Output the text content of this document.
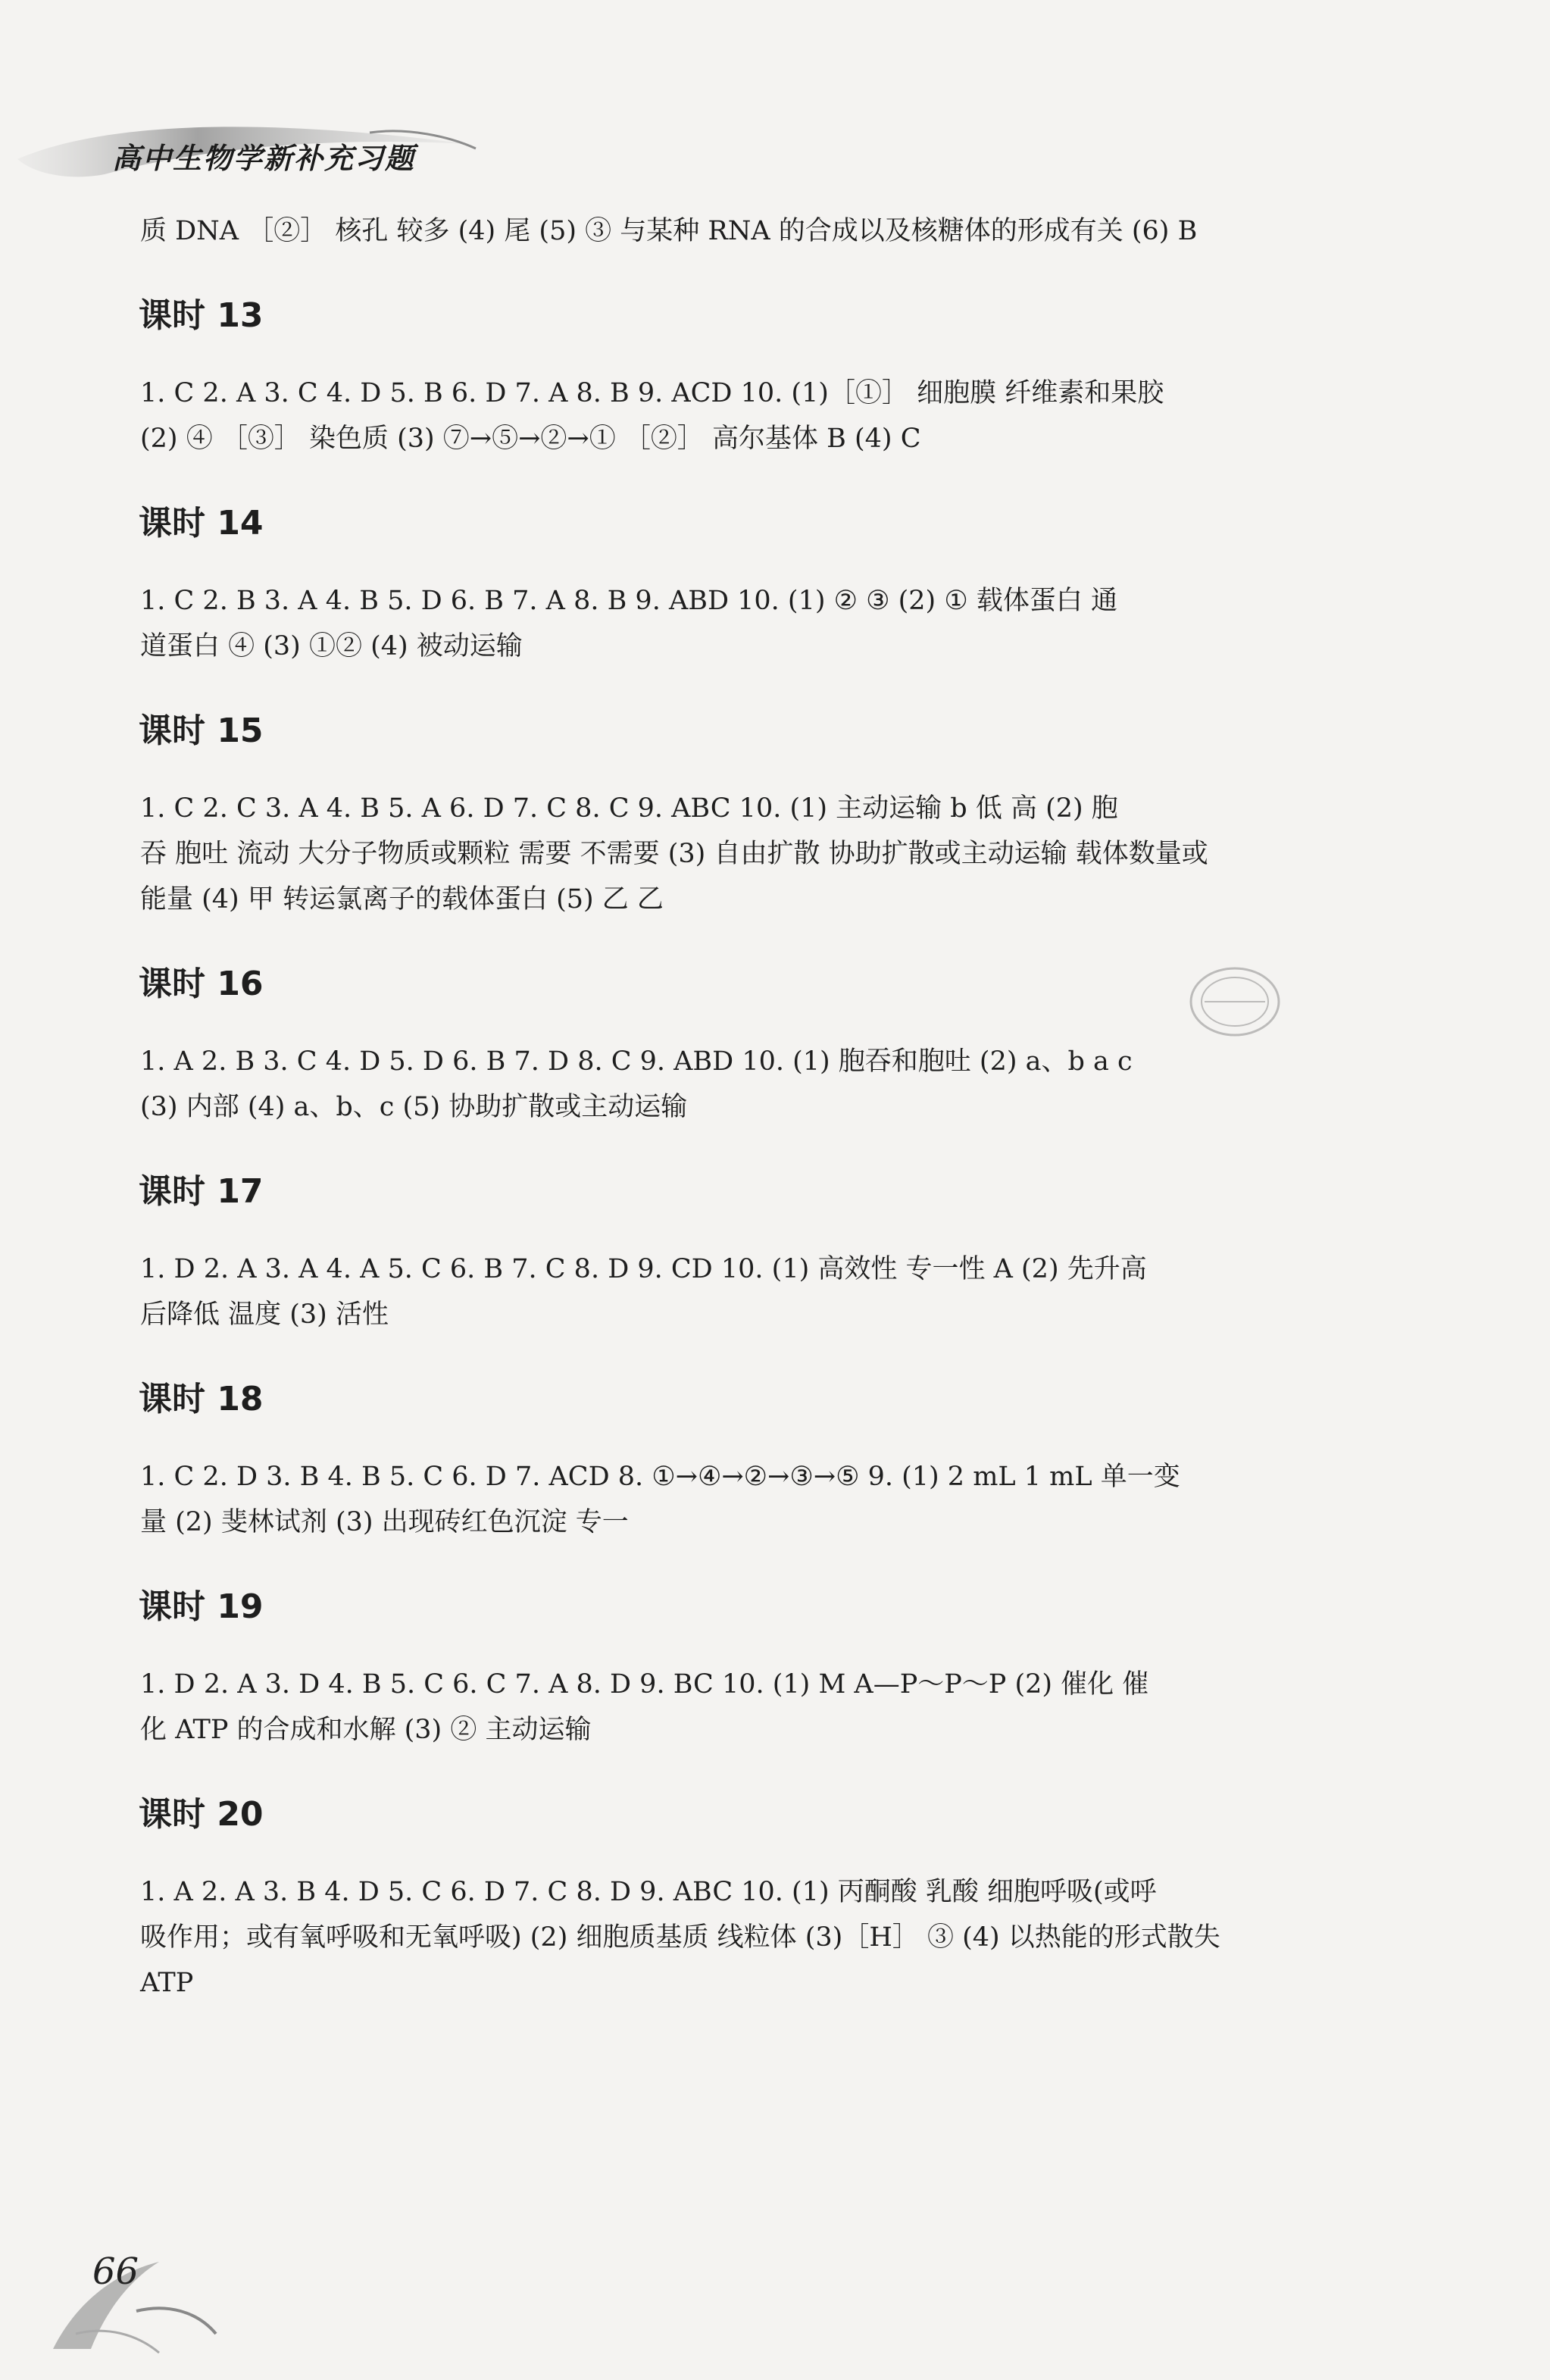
高中生物学新补充习题
质 DNA ［②］ 核孔 较多 (4) 尾 (5) ③ 与某种 RNA 的合成以及核糖体的形成有关 (6) B
课时 13
1. C 2. A 3. C 4. D 5. B 6. D 7. A 8. B 9. ACD 10. (1)［①］ 细胞膜 纤维素和果胶
(2) ④ ［③］ 染色质 (3) ⑦→⑤→②→① ［②］ 高尔基体 B (4) C
课时 14
1. C 2. B 3. A 4. B 5. D 6. B 7. A 8. B 9. ABD 10. (1) ② ③ (2) ① 载体蛋白 通
道蛋白 ④ (3) ①② (4) 被动运输
课时 15
1. C 2. C 3. A 4. B 5. A 6. D 7. C 8. C 9. ABC 10. (1) 主动运输 b 低 高 (2) 胞
吞 胞吐 流动 大分子物质或颗粒 需要 不需要 (3) 自由扩散 协助扩散或主动运输 载体数量或
能量 (4) 甲 转运氯离子的载体蛋白 (5) 乙 乙
课时 16
1. A 2. B 3. C 4. D 5. D 6. B 7. D 8. C 9. ABD 10. (1) 胞吞和胞吐 (2) a、b a c
(3) 内部 (4) a、b、c (5) 协助扩散或主动运输
课时 17
1. D 2. A 3. A 4. A 5. C 6. B 7. C 8. D 9. CD 10. (1) 高效性 专一性 A (2) 先升高
后降低 温度 (3) 活性
课时 18
1. C 2. D 3. B 4. B 5. C 6. D 7. ACD 8. ①→④→②→③→⑤ 9. (1) 2 mL 1 mL 单一变
量 (2) 斐林试剂 (3) 出现砖红色沉淀 专一
课时 19
1. D 2. A 3. D 4. B 5. C 6. C 7. A 8. D 9. BC 10. (1) M A—P～P～P (2) 催化 催
化 ATP 的合成和水解 (3) ② 主动运输
课时 20
1. A 2. A 3. B 4. D 5. C 6. D 7. C 8. D 9. ABC 10. (1) 丙酮酸 乳酸 细胞呼吸(或呼
吸作用；或有氧呼吸和无氧呼吸) (2) 细胞质基质 线粒体 (3)［H］ ③ (4) 以热能的形式散失
ATP
66
